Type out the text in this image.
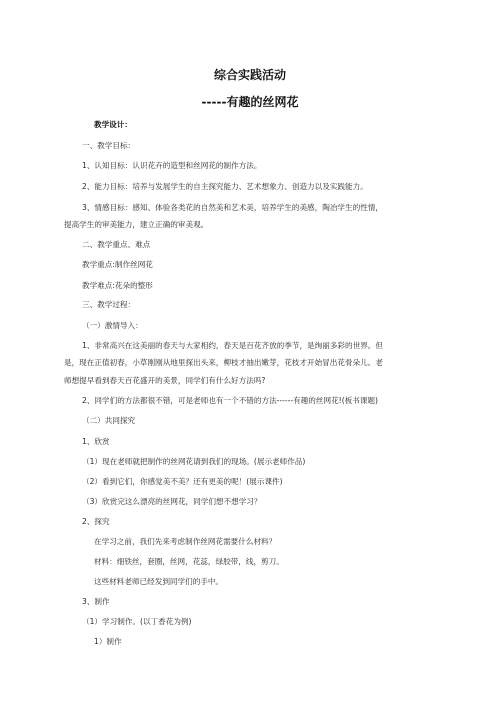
综合实践活动
-----有趣的丝网花
教学设计：
一、教学目标：
1、认知目标：认识花卉的造型和丝网花的制作方法。
2、能力目标：培养与发展学生的自主探究能力、艺术想象力、创造力以及实践能力。
3、情感目标：感知、体验各类花的自然美和艺术美，培养学生的美感，陶冶学生的性情，
提高学生的审美能力，建立正确的审美观。
二、教学重点、难点
教学重点:制作丝网花
教学难点:花朵的整形
三、教学过程：
（一）激情导入：
1、非常高兴在这美丽的春天与大家相约，春天是百花齐放的季节，是绚丽多彩的世界。但
是，现在正值初春，小草刚刚从地里探出头来，柳枝才抽出嫩芽，花枝才开始冒出花骨朵儿。老
师想提早看到春天百花盛开的美景，同学们有什么好方法吗?
2、同学们的方法都很不错，可是老师也有一个不错的方法------有趣的丝网花!(板书课题)
（二）共同探究
1、欣赏
（1）现在老师就把制作的丝网花请到我们的现场。(展示老师作品)
（2）看到它们，你感觉美不美？还有更美的呢！(展示课件)
（3）欣赏完这么漂亮的丝网花，同学们想不想学习？
2、探究
在学习之前，我们先来考虑制作丝网花需要什么材料？
材料：细铁丝，套圈，丝网，花蕊，绿胶带，线，剪刀。
这些材料老师已经发到同学们的手中。
3、制作
（1）学习制作。(以丁香花为例)
1）制作
